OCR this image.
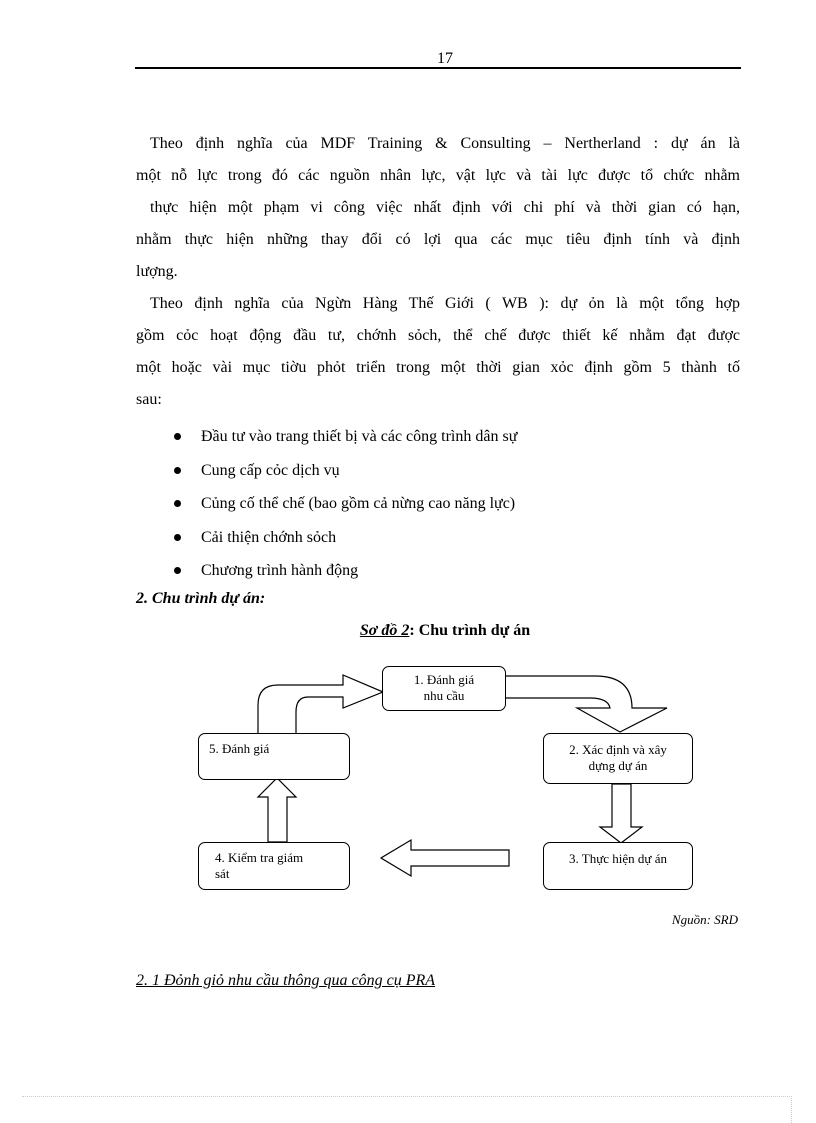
17
Theo định nghĩa của MDF Training & Consulting – Nertherland : dự án là
một nỗ lực trong đó các nguồn nhân lực, vật lực và tài lực được tổ chức nhằm
thực hiện một phạm vi công việc nhất định với chi phí và thời gian có hạn,
nhằm thực hiện những thay đổi có lợi qua các mục tiêu định tính và định
lượng.
Theo định nghĩa của Ngừn Hàng Thế Giới ( WB ): dự ỏn là một tổng hợp
gồm cỏc hoạt động đầu tư, chớnh sỏch, thể chế được thiết kế nhằm đạt được
một hoặc vài mục tiờu phỏt triển trong một thời gian xỏc định gồm 5 thành tố
sau:
Đầu tư vào trang thiết bị và các công trình dân sự
Cung cấp cỏc dịch vụ
Củng cố thể chế (bao gồm cả nừng cao năng lực)
Cải thiện chớnh sỏch
Chương trình hành động
2. Chu trình dự án:
Sơ đồ 2: Chu trình dự án
1. Đánh giá
nhu cầu
2. Xác định và xây
dựng dự án
3. Thực hiện dự án
4. Kiểm tra giám
sát
5. Đánh giá
Nguồn: SRD
2. 1 Đỏnh giỏ nhu cầu thông qua công cụ PRA
